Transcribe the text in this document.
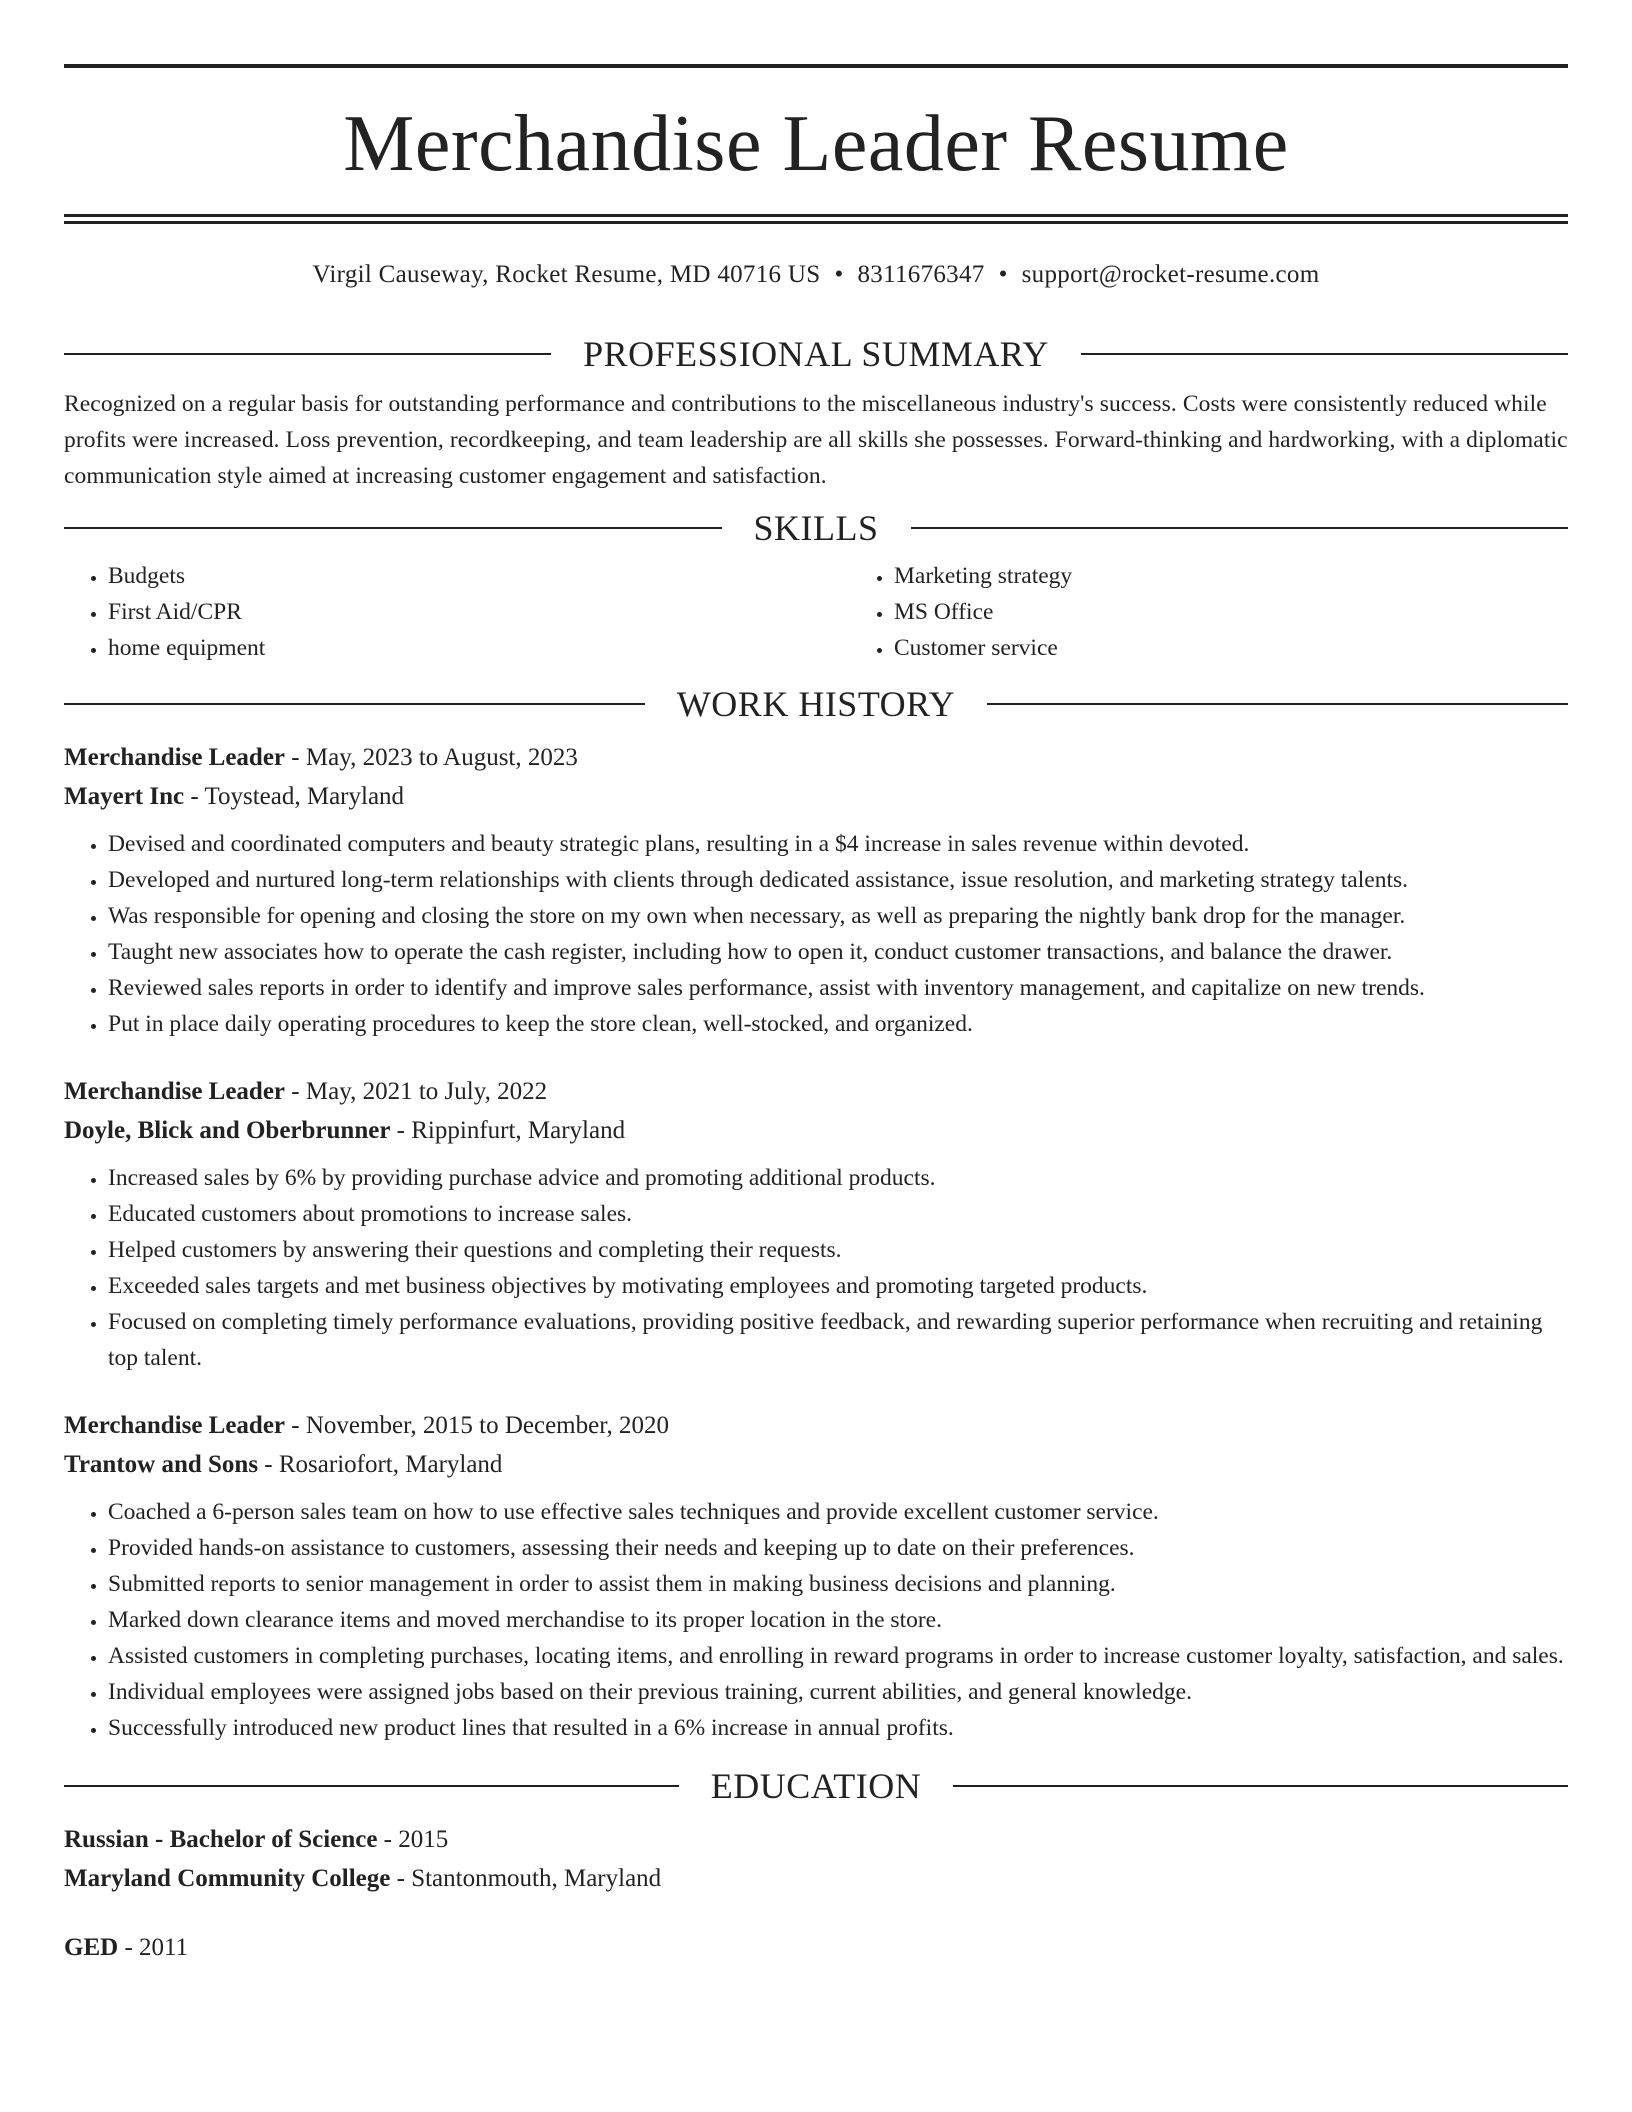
Merchandise Leader Resume
Virgil Causeway, Rocket Resume, MD 40716 US • 8311676347 • support@rocket-resume.com
PROFESSIONAL SUMMARY

Recognized on a regular basis for outstanding performance and contributions to the miscellaneous industry's success. Costs were consistently reduced while profits were increased. Loss prevention, recordkeeping, and team leadership are all skills she possesses. Forward-thinking and hardworking, with a diplomatic communication style aimed at increasing customer engagement and satisfaction.

SKILLS
• Budgets
• First Aid/CPR
• home equipment
• Marketing strategy
• MS Office
• Customer service
WORK HISTORY

Merchandise Leader - May, 2023 to August, 2023

Mayert Inc - Toystead, Maryland

• Devised and coordinated computers and beauty strategic plans, resulting in a $4 increase in sales revenue within devoted.
• Developed and nurtured long-term relationships with clients through dedicated assistance, issue resolution, and marketing strategy talents.
• Was responsible for opening and closing the store on my own when necessary, as well as preparing the nightly bank drop for the manager.
• Taught new associates how to operate the cash register, including how to open it, conduct customer transactions, and balance the drawer.
• Reviewed sales reports in order to identify and improve sales performance, assist with inventory management, and capitalize on new trends.
• Put in place daily operating procedures to keep the store clean, well-stocked, and organized.

Merchandise Leader - May, 2021 to July, 2022

Doyle, Blick and Oberbrunner - Rippinfurt, Maryland

• Increased sales by 6% by providing purchase advice and promoting additional products.
• Educated customers about promotions to increase sales.
• Helped customers by answering their questions and completing their requests.
• Exceeded sales targets and met business objectives by motivating employees and promoting targeted products.
• Focused on completing timely performance evaluations, providing positive feedback, and rewarding superior performance when recruiting and retaining top talent.

Merchandise Leader - November, 2015 to December, 2020

Trantow and Sons - Rosariofort, Maryland

• Coached a 6-person sales team on how to use effective sales techniques and provide excellent customer service.
• Provided hands-on assistance to customers, assessing their needs and keeping up to date on their preferences.
• Submitted reports to senior management in order to assist them in making business decisions and planning.
• Marked down clearance items and moved merchandise to its proper location in the store.
• Assisted customers in completing purchases, locating items, and enrolling in reward programs in order to increase customer loyalty, satisfaction, and sales.
• Individual employees were assigned jobs based on their previous training, current abilities, and general knowledge.
• Successfully introduced new product lines that resulted in a 6% increase in annual profits.
EDUCATION

Russian - Bachelor of Science - 2015

Maryland Community College - Stantonmouth, Maryland

GED - 2011
